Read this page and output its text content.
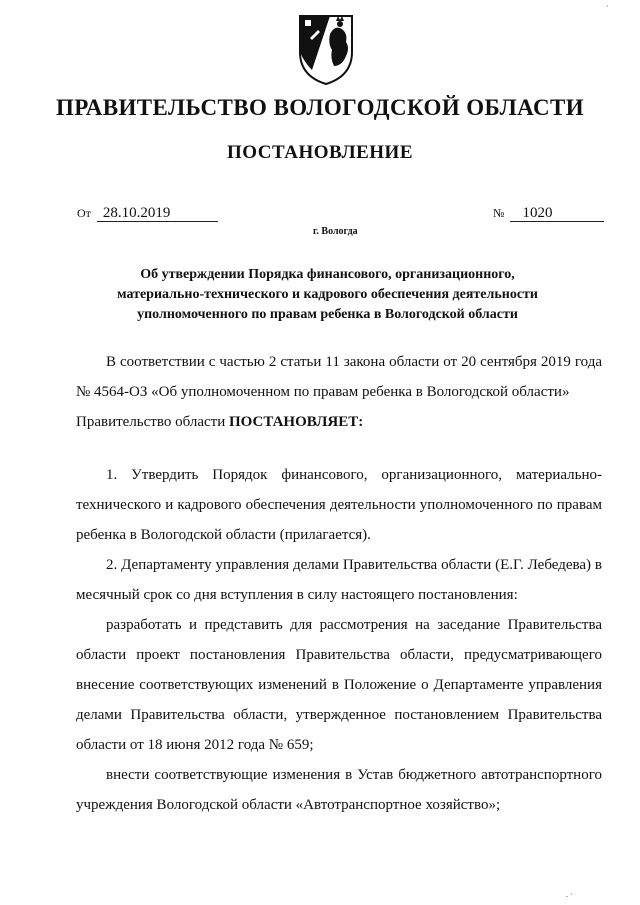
ПРАВИТЕЛЬСТВО ВОЛОГОДСКОЙ ОБЛАСТИ
ПОСТАНОВЛЕНИЕ
От 28.10.2019	№ 1020
г. Вологда
Об утверждении Порядка финансового, организационного,
материально-технического и кадрового обеспечения деятельности
уполномоченного по правам ребенка в Вологодской области

В соответствии с частью 2 статьи 11 закона области от 20 сентября 2019 года № 4564-ОЗ «Об уполномоченном по правам ребенка в Вологодской области»

Правительство области ПОСТАНОВЛЯЕТ:

1. Утвердить Порядок финансового, организационного, материально-технического и кадрового обеспечения деятельности уполномоченного по правам ребенка в Вологодской области (прилагается).

2. Департаменту управления делами Правительства области (Е.Г. Лебедева) в месячный срок со дня вступления в силу настоящего постановления:

разработать и представить для рассмотрения на заседание Правительства области проект постановления Правительства области, предусматривающего внесение соответствующих изменений в Положение о Департаменте управления делами Правительства области, утвержденное постановлением Правительства области от 18 июня 2012 года № 659;

внести соответствующие изменения в Устав бюджетного автотранспортного учреждения Вологодской области «Автотранспортное хозяйство»;

. ·
·
